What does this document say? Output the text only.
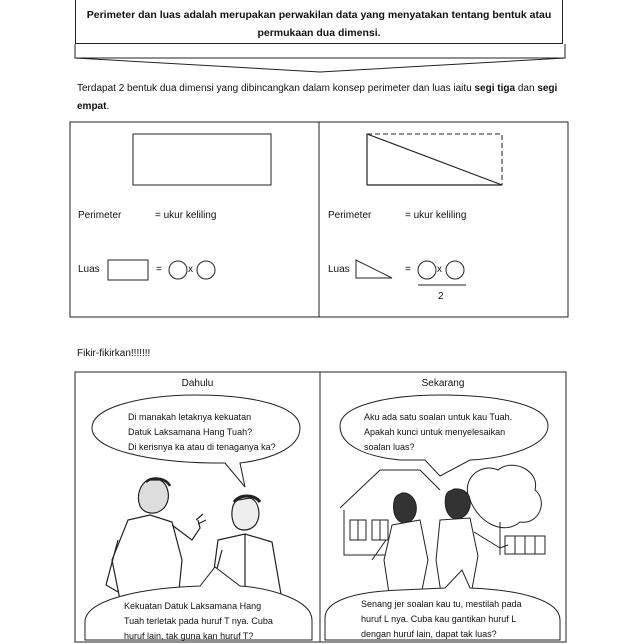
Perimeter dan luas adalah merupakan perwakilan data yang menyatakan tentang bentuk atau permukaan dua dimensi.
Terdapat 2 bentuk dua dimensi yang dibincangkan dalam konsep perimeter dan luas iaitu segi tiga dan segi empat.
Perimeter	= ukur keliling
Luas	=	x
Perimeter	= ukur keliling
Luas	=	x
2
Fikir-fikirkan!!!!!!!
Dahulu	Sekarang
Di manakah letaknya kekuatan
Datuk Laksamana Hang Tuah?
Di kerisnya ka atau di tenaganya ka?
Aku ada satu soalan untuk kau Tuah.
Apakah kunci untuk menyelesaikan
soalan luas?
Kekuatan Datuk Laksamana Hang
Tuah terletak pada huruf T nya. Cuba
huruf lain, tak guna kan huruf T?
Senang jer soalan kau tu, mestilah pada
huruf L nya. Cuba kau gantikan huruf L
dengan huruf lain, dapat tak luas?
